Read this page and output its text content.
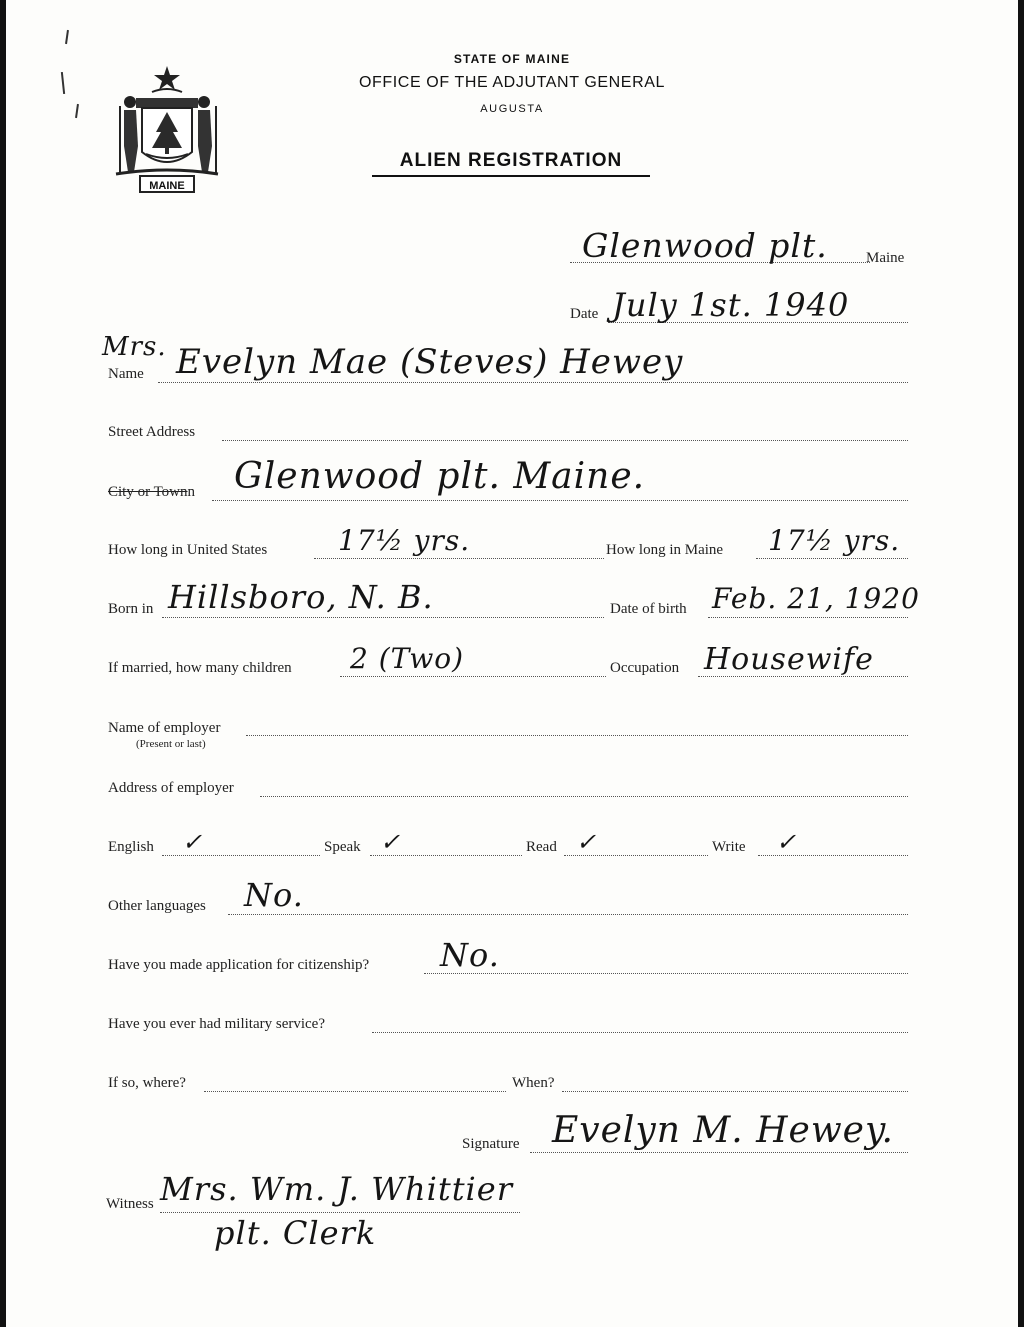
MAINE
STATE OF MAINE
OFFICE OF THE ADJUTANT GENERAL
AUGUSTA
ALIEN REGISTRATION
Glenwood plt.	Maine
Date July 1st. 1940
Mrs.
Name Evelyn Mae (Steves) Hewey
Street Address
City or Townn Glenwood plt. Maine.
How long in United States	17½ yrs.	How long in Maine 17½ yrs.
Born in Hillsboro, N. B.	Date of birth Feb. 21, 1920
If married, how many children 2 (Two)	Occupation Housewife
Name of employer
(Present or last)
Address of employer
English ✓	Speak ✓	Read ✓	Write ✓
Other languages No.
Have you made application for citizenship? No.
Have you ever had military service?
If so, where?	When?
Signature Evelyn M. Hewey.
Witness Mrs. Wm. J. Whittier
plt. Clerk
